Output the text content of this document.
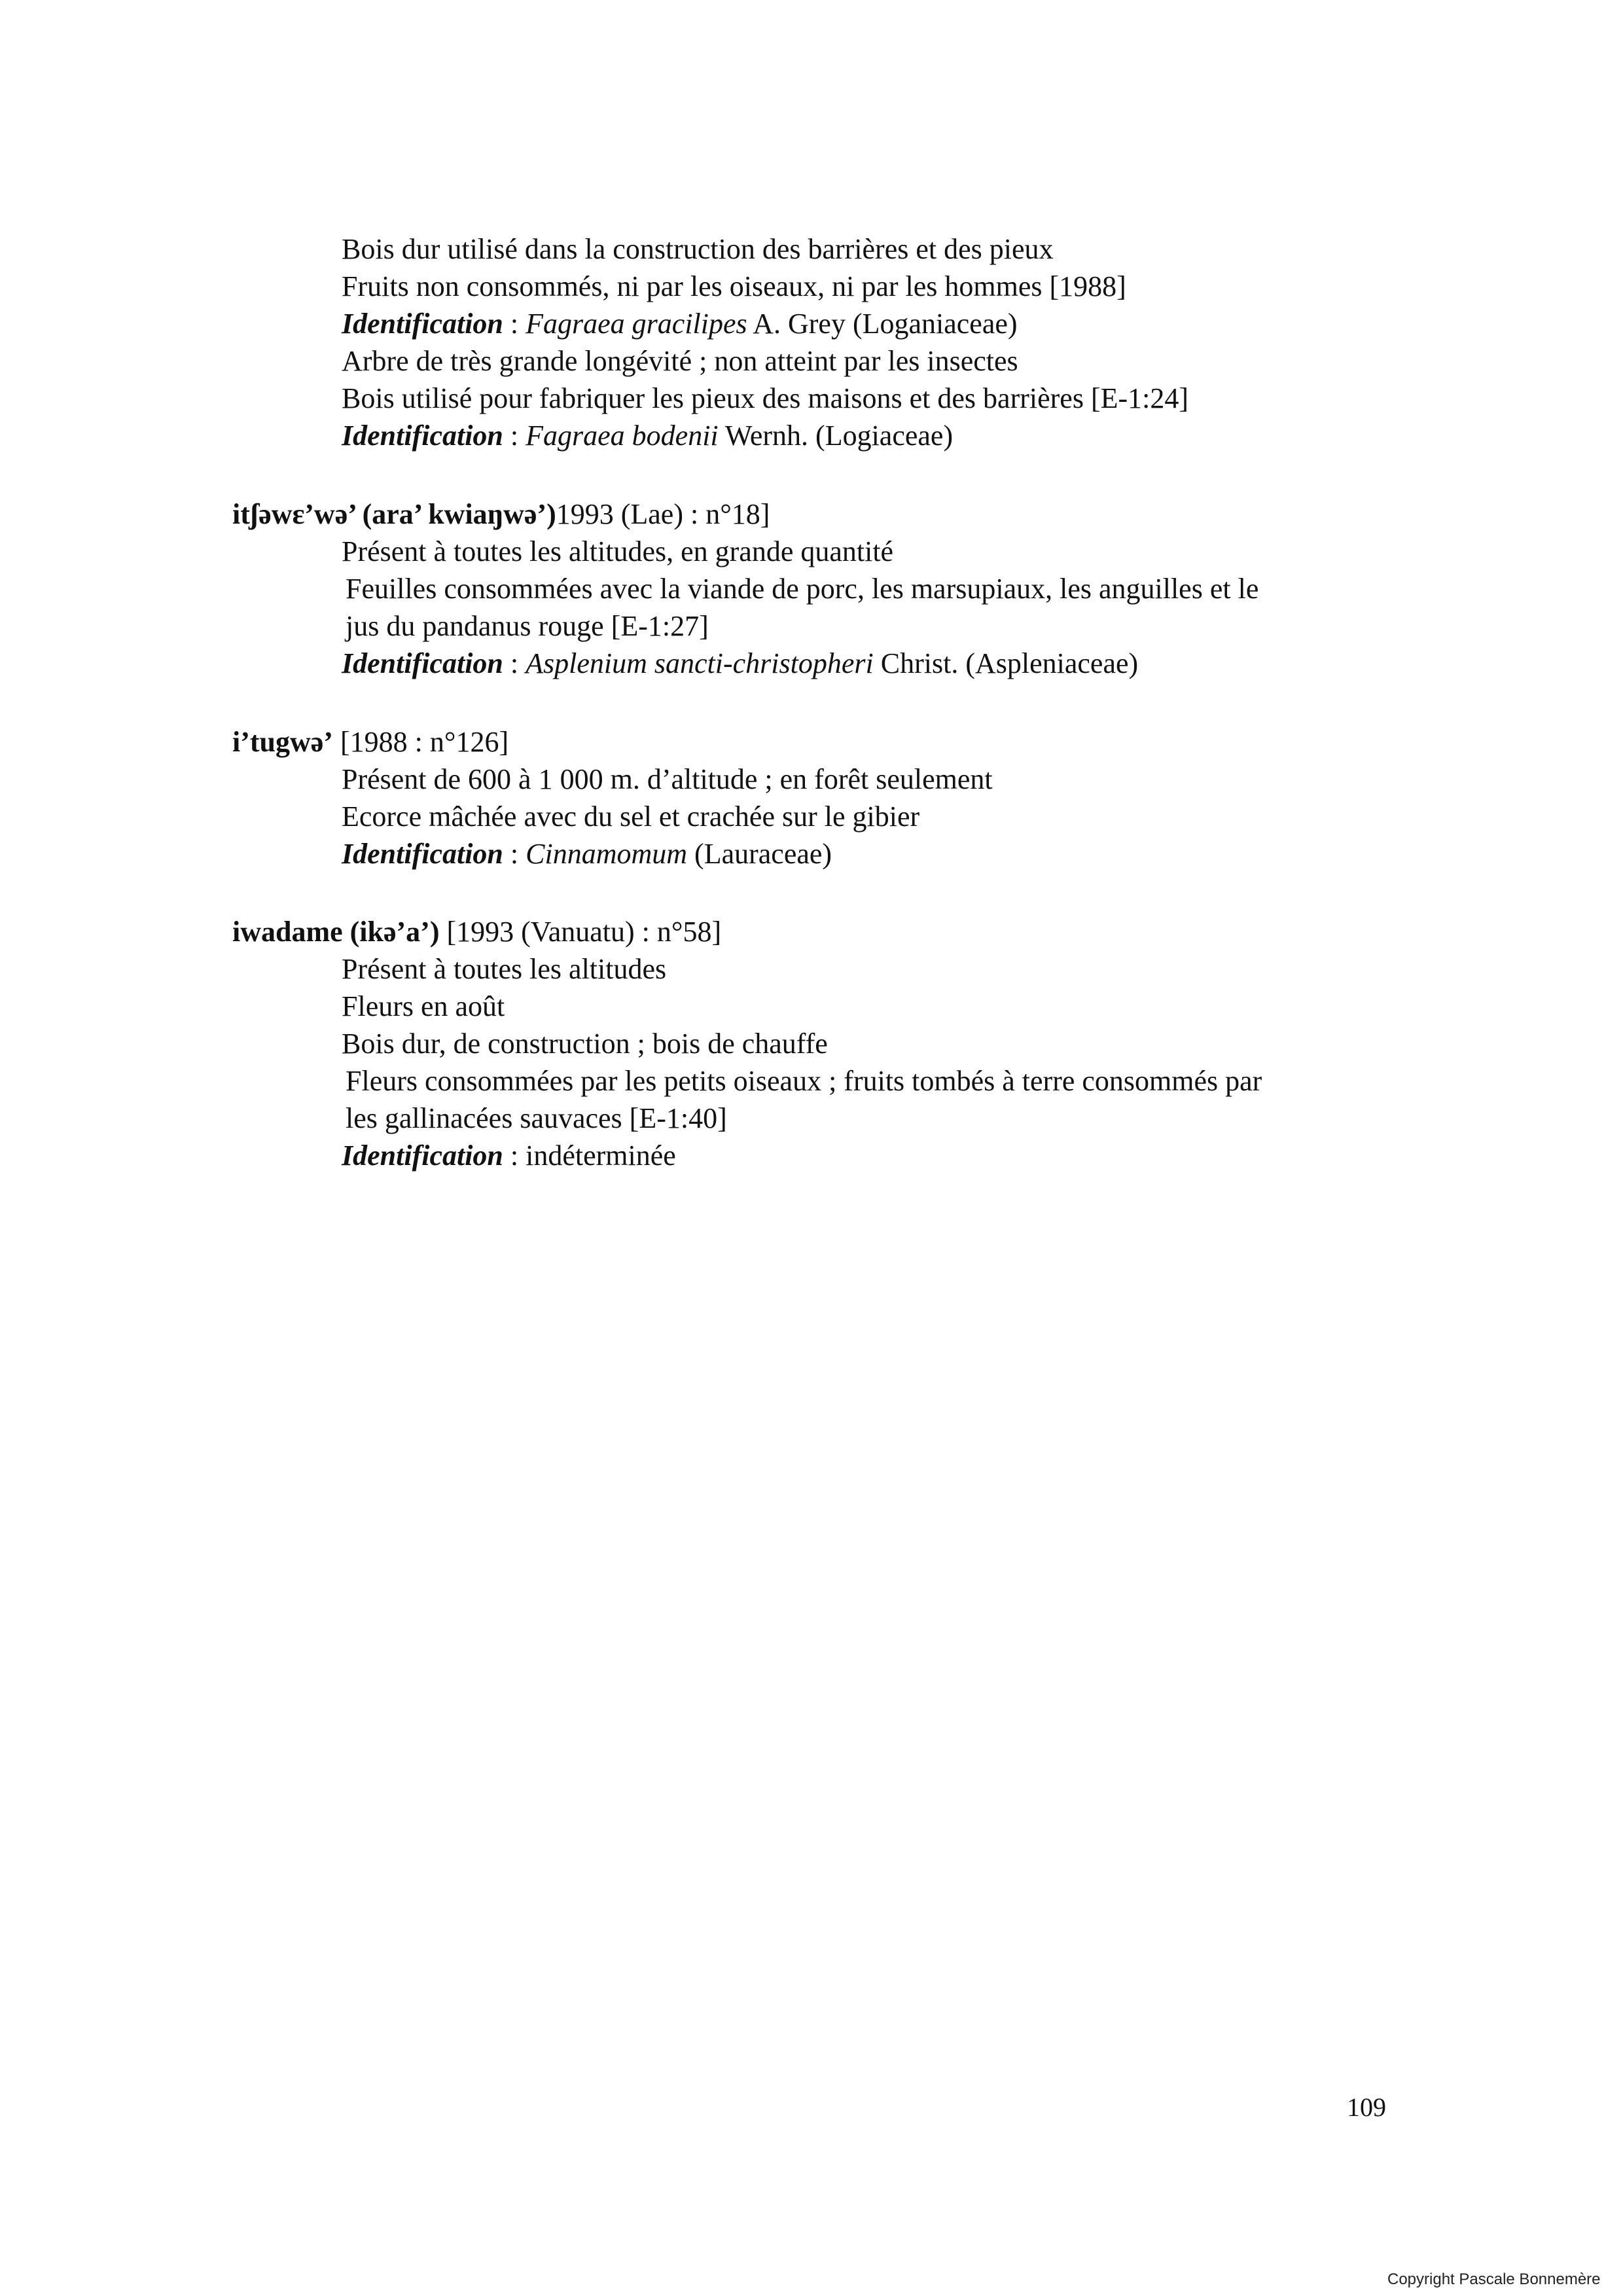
Bois dur utilisé dans la construction des barrières et des pieux
Fruits non consommés, ni par les oiseaux, ni par les hommes [1988]
Identification : Fagraea gracilipes A. Grey (Loganiaceae)
Arbre de très grande longévité ; non atteint par les insectes
Bois utilisé pour fabriquer les pieux des maisons et des barrières [E-1:24]
Identification : Fagraea bodenii Wernh. (Logiaceae)
itʃəwɛ’wə’ (ara’ kwiaŋwə’)1993 (Lae) : n°18]
Présent à toutes les altitudes, en grande quantité
Feuilles consommées avec la viande de porc, les marsupiaux, les anguilles et le
jus du pandanus rouge [E-1:27]
Identification : Asplenium sancti-christopheri Christ. (Aspleniaceae)
i’tugwə’ [1988 : n°126]
Présent de 600 à 1 000 m. d’altitude ; en forêt seulement
Ecorce mâchée avec du sel et crachée sur le gibier
Identification : Cinnamomum (Lauraceae)
iwadame (ikə’a’) [1993 (Vanuatu) : n°58]
Présent à toutes les altitudes
Fleurs en août
Bois dur, de construction ; bois de chauffe
Fleurs consommées par les petits oiseaux ; fruits tombés à terre consommés par
les gallinacées sauvaces [E-1:40]
Identification : indéterminée
109
Copyright Pascale Bonnemère
